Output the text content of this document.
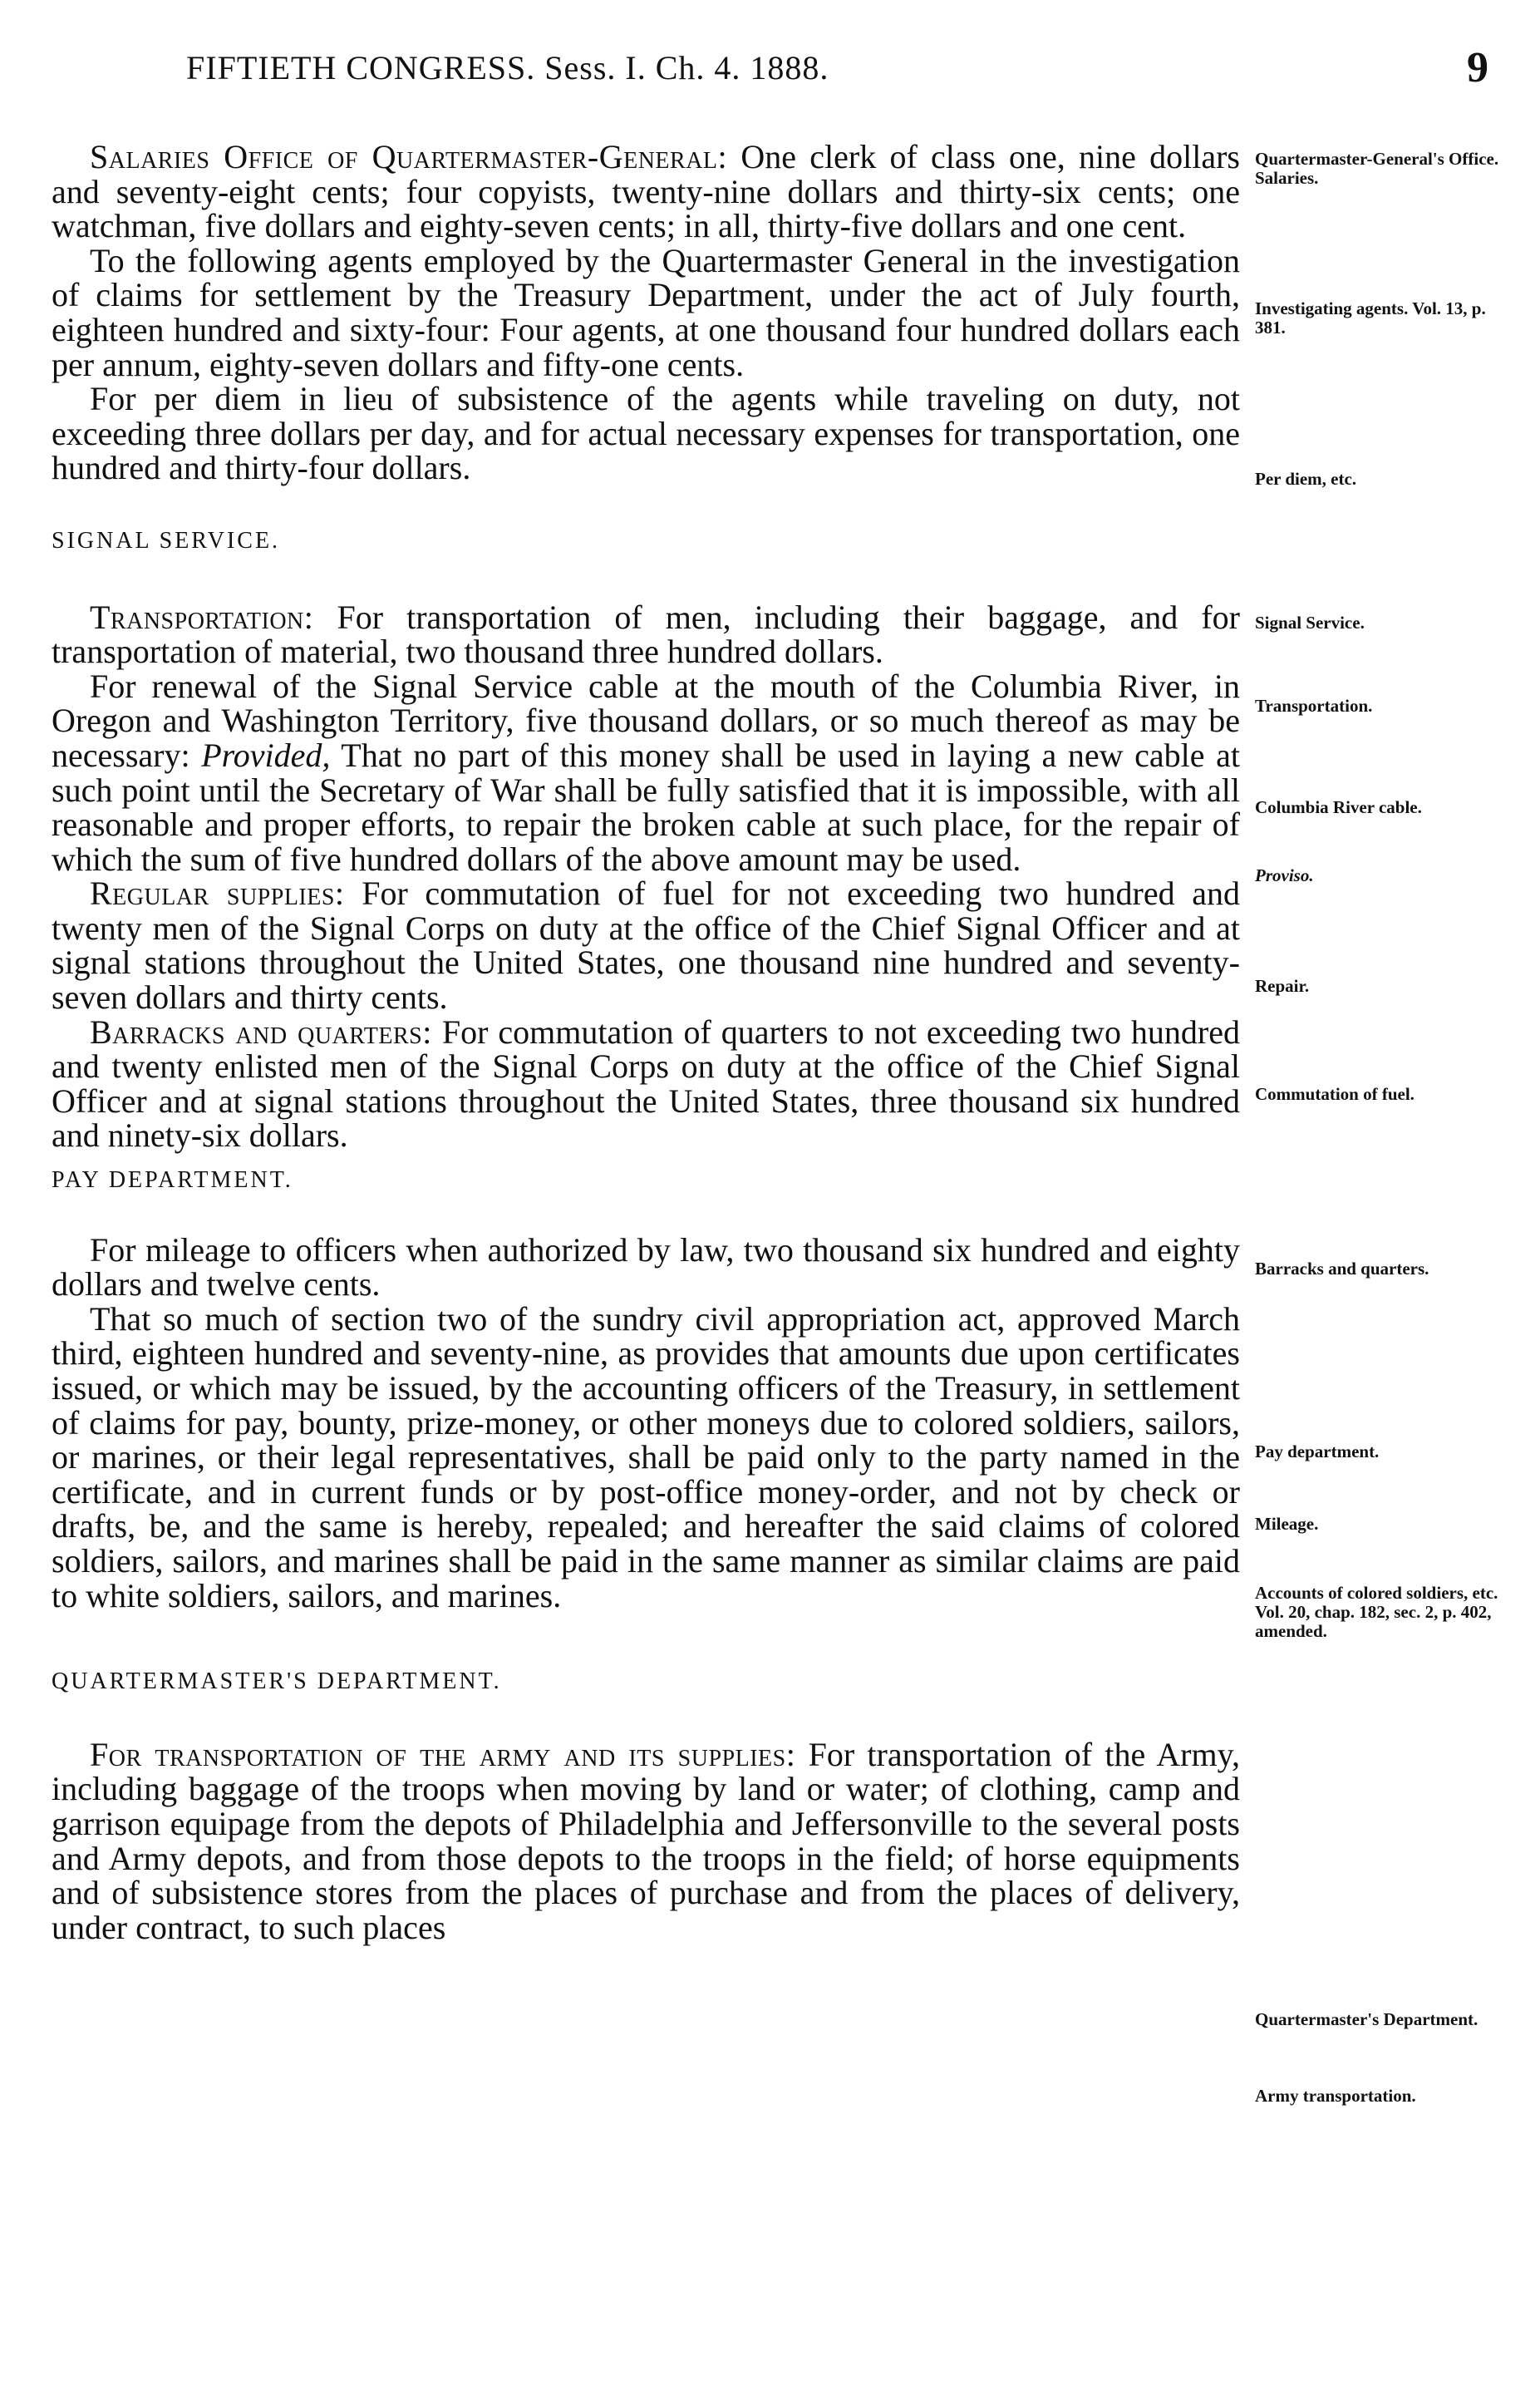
FIFTIETH CONGRESS. Sess. I. Ch. 4. 1888.	9

Salaries Office of Quartermaster-General: One clerk of class one, nine dollars and seventy-eight cents; four copyists, twenty-nine dollars and thirty-six cents; one watchman, five dollars and eighty-seven cents; in all, thirty-five dollars and one cent.

To the following agents employed by the Quartermaster General in the investigation of claims for settlement by the Treasury Department, under the act of July fourth, eighteen hundred and sixty-four: Four agents, at one thousand four hundred dollars each per annum, eighty-seven dollars and fifty-one cents.

For per diem in lieu of subsistence of the agents while traveling on duty, not exceeding three dollars per day, and for actual necessary expenses for transportation, one hundred and thirty-four dollars.

SIGNAL SERVICE.

Transportation: For transportation of men, including their baggage, and for transportation of material, two thousand three hundred dollars.

For renewal of the Signal Service cable at the mouth of the Columbia River, in Oregon and Washington Territory, five thousand dollars, or so much thereof as may be necessary: Provided, That no part of this money shall be used in laying a new cable at such point until the Secretary of War shall be fully satisfied that it is impossible, with all reasonable and proper efforts, to repair the broken cable at such place, for the repair of which the sum of five hundred dollars of the above amount may be used.

Regular supplies: For commutation of fuel for not exceeding two hundred and twenty men of the Signal Corps on duty at the office of the Chief Signal Officer and at signal stations throughout the United States, one thousand nine hundred and seventy-seven dollars and thirty cents.

Barracks and quarters: For commutation of quarters to not exceeding two hundred and twenty enlisted men of the Signal Corps on duty at the office of the Chief Signal Officer and at signal stations throughout the United States, three thousand six hundred and ninety-six dollars.

PAY DEPARTMENT.

For mileage to officers when authorized by law, two thousand six hundred and eighty dollars and twelve cents.

That so much of section two of the sundry civil appropriation act, approved March third, eighteen hundred and seventy-nine, as provides that amounts due upon certificates issued, or which may be issued, by the accounting officers of the Treasury, in settlement of claims for pay, bounty, prize-money, or other moneys due to colored soldiers, sailors, or marines, or their legal representatives, shall be paid only to the party named in the certificate, and in current funds or by post-office money-order, and not by check or drafts, be, and the same is hereby, repealed; and hereafter the said claims of colored soldiers, sailors, and marines shall be paid in the same manner as similar claims are paid to white soldiers, sailors, and marines.

QUARTERMASTER'S DEPARTMENT.

For transportation of the army and its supplies: For transportation of the Army, including baggage of the troops when moving by land or water; of clothing, camp and garrison equipage from the depots of Philadelphia and Jeffersonville to the several posts and Army depots, and from those depots to the troops in the field; of horse equipments and of subsistence stores from the places of purchase and from the places of delivery, under contract, to such places

Quartermaster-General's Office. Salaries.
Investigating agents. Vol. 13, p. 381.
Per diem, etc.
Signal Service.
Transportation.
Columbia River cable.
Proviso.
Repair.
Commutation of fuel.
Barracks and quarters.
Pay department.
Mileage.
Accounts of colored soldiers, etc. Vol. 20, chap. 182, sec. 2, p. 402, amended.
Quartermaster's Department.
Army transportation.
